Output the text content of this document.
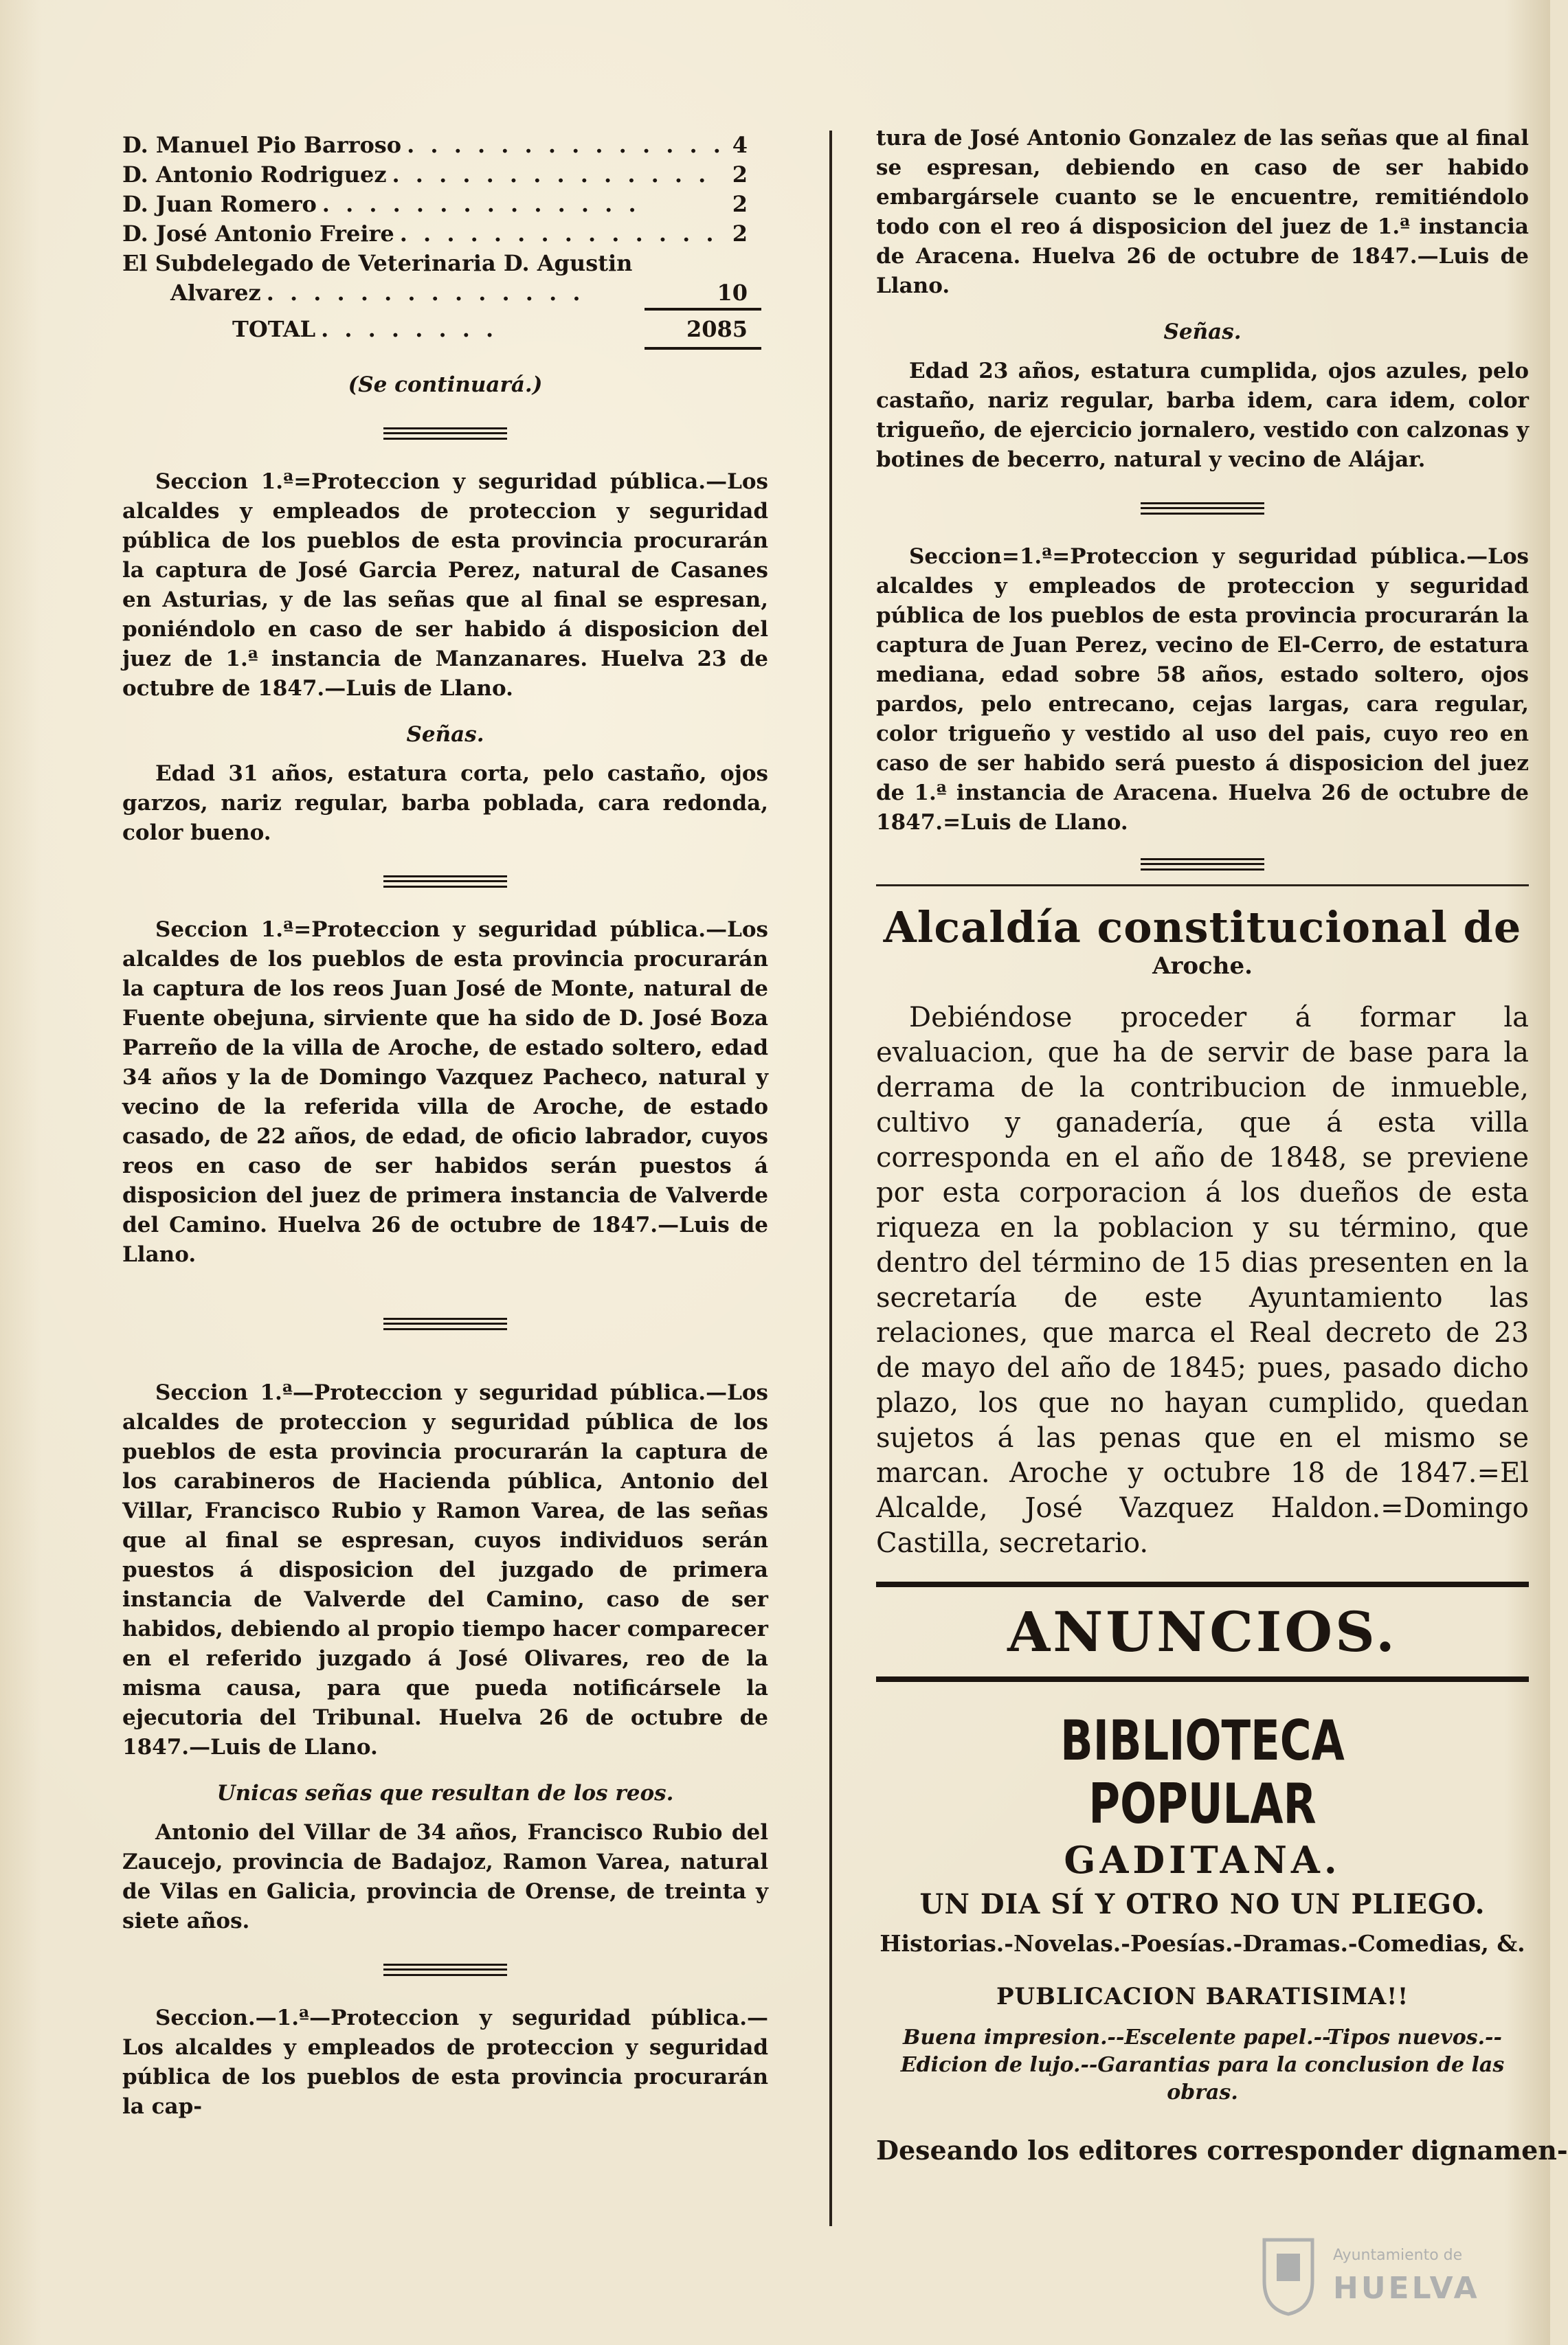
D. Manuel Pio Barroso . . . . . . . . . . . . . . 4
D. Antonio Rodriguez . . . . . . . . . . . . . .	2
D. Juan Romero . . . . . . . . . . . . . .	2
D. José Antonio Freire . . . . . . . . . . . . . . 2
El Subdelegado de Veterinaria D. Agustin
Alvarez . . . . . . . . . . . . . .	10
TOTAL . . . . . . . .	2085

(Se continuará.)

Seccion 1.ª=Proteccion y seguridad pública.—Los alcaldes y empleados de proteccion y seguridad pública de los pueblos de esta provincia procurarán la captura de José Garcia Perez, natural de Casanes en Asturias, y de las señas que al final se espresan, poniéndolo en caso de ser habido á disposicion del juez de 1.ª instancia de Manzanares. Huelva 23 de octubre de 1847.—Luis de Llano.

Señas.

Edad 31 años, estatura corta, pelo castaño, ojos garzos, nariz regular, barba poblada, cara redonda, color bueno.

Seccion 1.ª=Proteccion y seguridad pública.—Los alcaldes de los pueblos de esta provincia procurarán la captura de los reos Juan José de Monte, natural de Fuente obejuna, sirviente que ha sido de D. José Boza Parreño de la villa de Aroche, de estado soltero, edad 34 años y la de Domingo Vazquez Pacheco, natural y vecino de la referida villa de Aroche, de estado casado, de 22 años, de edad, de oficio labrador, cuyos reos en caso de ser habidos serán puestos á disposicion del juez de primera instancia de Valverde del Camino. Huelva 26 de octubre de 1847.—Luis de Llano.

Seccion 1.ª—Proteccion y seguridad pública.—Los alcaldes de proteccion y seguridad pública de los pueblos de esta provincia procurarán la captura de los carabineros de Hacienda pública, Antonio del Villar, Francisco Rubio y Ramon Varea, de las señas que al final se espresan, cuyos individuos serán puestos á disposicion del juzgado de primera instancia de Valverde del Camino, caso de ser habidos, debiendo al propio tiempo hacer comparecer en el referido juzgado á José Olivares, reo de la misma causa, para que pueda notificársele la ejecutoria del Tribunal. Huelva 26 de octubre de 1847.—Luis de Llano.

Unicas señas que resultan de los reos.

Antonio del Villar de 34 años, Francisco Rubio del Zaucejo, provincia de Badajoz, Ramon Varea, natural de Vilas en Galicia, provincia de Orense, de treinta y siete años.

Seccion.—1.ª—Proteccion y seguridad pública.—Los alcaldes y empleados de proteccion y seguridad pública de los pueblos de esta provincia procurarán la cap-

tura de José Antonio Gonzalez de las señas que al final se espresan, debiendo en caso de ser habido embargársele cuanto se le encuentre, remitiéndolo todo con el reo á disposicion del juez de 1.ª instancia de Aracena. Huelva 26 de octubre de 1847.—Luis de Llano.

Señas.

Edad 23 años, estatura cumplida, ojos azules, pelo castaño, nariz regular, barba idem, cara idem, color trigueño, de ejercicio jornalero, vestido con calzonas y botines de becerro, natural y vecino de Alájar.

Seccion=1.ª=Proteccion y seguridad pública.—Los alcaldes y empleados de proteccion y seguridad pública de los pueblos de esta provincia procurarán la captura de Juan Perez, vecino de El-Cerro, de estatura mediana, edad sobre 58 años, estado soltero, ojos pardos, pelo entrecano, cejas largas, cara regular, color trigueño y vestido al uso del pais, cuyo reo en caso de ser habido será puesto á disposicion del juez de 1.ª instancia de Aracena. Huelva 26 de octubre de 1847.=Luis de Llano.

Alcaldía constitucional de

Aroche.

Debiéndose proceder á formar la evaluacion, que ha de servir de base para la derrama de la contribucion de inmueble, cultivo y ganadería, que á esta villa corresponda en el año de 1848, se previene por esta corporacion á los dueños de esta riqueza en la poblacion y su término, que dentro del término de 15 dias presenten en la secretaría de este Ayuntamiento las relaciones, que marca el Real decreto de 23 de mayo del año de 1845; pues, pasado dicho plazo, los que no hayan cumplido, quedan sujetos á las penas que en el mismo se marcan. Aroche y octubre 18 de 1847.=El Alcalde, José Vazquez Haldon.=Domingo Castilla, secretario.

ANUNCIOS.

BIBLIOTECA POPULAR

GADITANA.

UN DIA SÍ Y OTRO NO UN PLIEGO.

Historias.-Novelas.-Poesías.-Dramas.-Comedias, &.

PUBLICACION BARATISIMA!!

Buena impresion.--Escelente papel.--Tipos nuevos.--Edicion de lujo.--Garantias para la conclusion de las obras.

Deseando los editores corresponder dignamen-

Ayuntamiento de
HUELVA
